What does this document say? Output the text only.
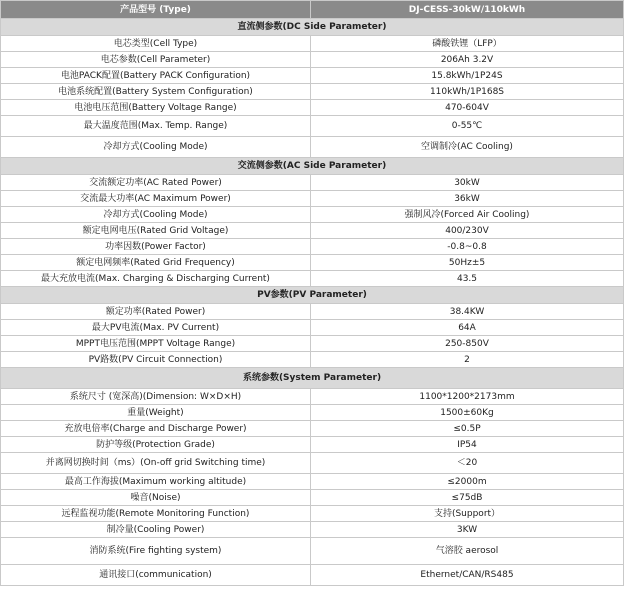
产品型号 (Type)	DJ-CESS-30kW/110kWh
直流侧参数(DC Side Parameter)	
电芯类型(Cell Type)	磷酸铁锂（LFP）
电芯参数(Cell Parameter)	206Ah 3.2V
电池PACK配置(Battery PACK Configuration)	15.8kWh/1P24S
电池系统配置(Battery System Configuration)	110kWh/1P168S
电池电压范围(Battery Voltage Range)	470-604V
最大温度范围(Max. Temp. Range)	0-55℃
冷却方式(Cooling Mode)	空调制冷(AC Cooling)
交流侧参数(AC Side Parameter)	
交流额定功率(AC Rated Power)	30kW
交流最大功率(AC Maximum Power)	36kW
冷却方式(Cooling Mode)	强制风冷(Forced Air Cooling)
额定电网电压(Rated Grid Voltage)	400/230V
功率因数(Power Factor)	-0.8~0.8
额定电网频率(Rated Grid Frequency)	50Hz±5
最大充放电流(Max. Charging & Discharging Current)	43.5
PV参数(PV Parameter)	
额定功率(Rated Power)	38.4KW
最大PV电流(Max. PV Current)	64A
MPPT电压范围(MPPT Voltage Range)	250-850V
PV路数(PV Circuit Connection)	2
系统参数(System Parameter)	
系统尺寸 (宽深高)(Dimension: W×D×H)	1100*1200*2173mm
重量(Weight)	1500±60Kg
充放电倍率(Charge and Discharge Power)	≤0.5P
防护等级(Protection Grade)	IP54
并离网切换时间（ms）(On-off grid Switching time)	＜20
最高工作海拔(Maximum working altitude)	≤2000m
噪音(Noise)	≤75dB
远程监视功能(Remote Monitoring Function)	支持(Support）
制冷量(Cooling Power)	3KW
消防系统(Fire fighting system)	气溶胶 aerosol
通讯接口(communication)	Ethernet/CAN/RS485
